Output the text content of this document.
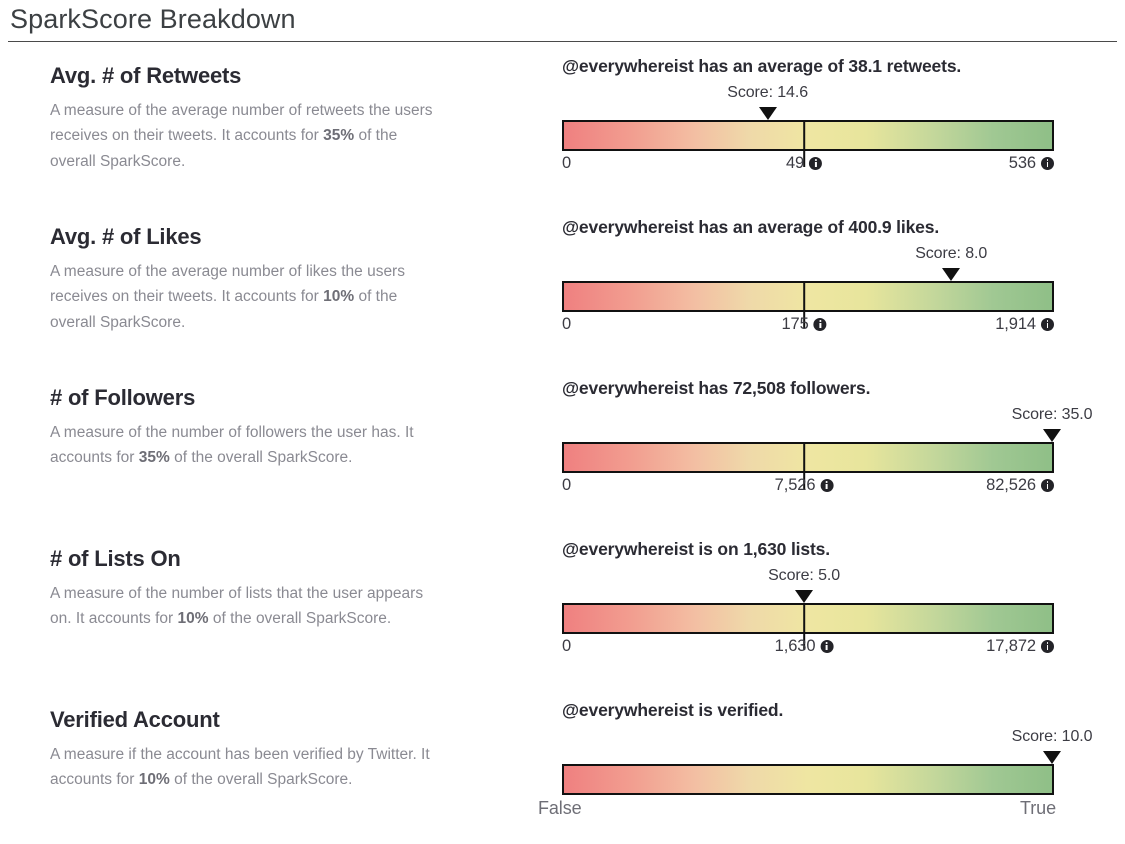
SparkScore Breakdown
Avg. # of Retweets
A measure of the average number of retweets the users receives on their tweets. It accounts for 35% of the overall SparkScore.
@everywhereist has an average of 38.1 retweets.
Score: 14.6
0	49	536
Avg. # of Likes
A measure of the average number of likes the users receives on their tweets. It accounts for 10% of the overall SparkScore.
@everywhereist has an average of 400.9 likes.
Score: 8.0
0	175	1,914
# of Followers
A measure of the number of followers the user has. It accounts for 35% of the overall SparkScore.
@everywhereist has 72,508 followers.
Score: 35.0
0	7,526	82,526
# of Lists On
A measure of the number of lists that the user appears on. It accounts for 10% of the overall SparkScore.
@everywhereist is on 1,630 lists.
Score: 5.0
0	1,630	17,872
Verified Account
A measure if the account has been verified by Twitter. It accounts for 10% of the overall SparkScore.
@everywhereist is verified.
Score: 10.0
False	True
